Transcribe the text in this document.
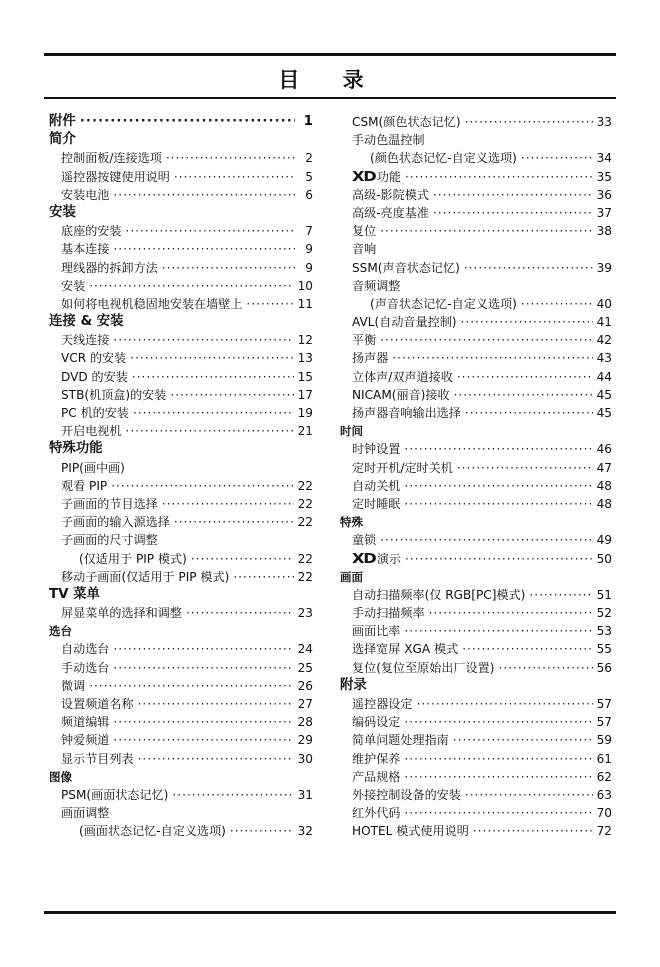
目 录
附件 ·····	1
简介
控制面板/连接选项 ·····	2
遥控器按键使用说明 ·····	5
安装电池 ·····	6
安装
底座的安装 ·····	7
基本连接 ·····	9
理线器的拆卸方法 ·····	9
安装 ·····	10
如何将电视机稳固地安装在墙壁上 ·····	11
连接 & 安装
天线连接 ·····	12
VCR 的安装 ·····	13
DVD 的安装 ·····	15
STB(机顶盒)的安装 ·····	17
PC 机的安装 ·····	19
开启电视机 ·····	21
特殊功能
PIP(画中画)
观看 PIP ·····	22
子画面的节目选择 ·····	22
子画面的输入源选择 ·····	22
子画面的尺寸调整
(仅适用于 PIP 模式) ·····	22
移动子画面(仅适用于 PIP 模式) ·····	22
TV 菜单
屏显菜单的选择和调整 ·····	23
选台
自动选台 ·····	24
手动选台 ·····	25
微调 ·····	26
设置频道名称 ·····	27
频道编辑 ·····	28
钟爱频道 ·····	29
显示节目列表 ·····	30
图像
PSM(画面状态记忆) ·····	31
画面调整
(画面状态记忆-自定义选项) ·····	32
CSM(颜色状态记忆) ·····	33
手动色温控制
(颜色状态记忆-自定义选项) ·····	34
XD功能 ·····	35
高级-影院模式 ·····	36
高级-亮度基准 ·····	37
复位 ·····	38
音响
SSM(声音状态记忆) ·····	39
音频调整
(声音状态记忆-自定义选项) ·····	40
AVL(自动音量控制) ·····	41
平衡 ·····	42
扬声器 ·····	43
立体声/双声道接收 ·····	44
NICAM(丽音)接收 ·····	45
扬声器音响输出选择 ·····	45
时间
时钟设置 ·····	46
定时开机/定时关机 ·····	47
自动关机 ·····	48
定时睡眠 ·····	48
特殊
童锁 ·····	49
XD演示 ·····	50
画面
自动扫描频率(仅 RGB[PC]模式) ·····	51
手动扫描频率 ·····	52
画面比率 ·····	53
选择宽屏 XGA 模式 ·····	55
复位(复位至原始出厂设置) ·····	56
附录
遥控器设定 ·····	57
编码设定 ·····	57
简单问题处理指南 ·····	59
维护保养 ·····	61
产品规格 ·····	62
外接控制设备的安装 ·····	63
红外代码 ·····	70
HOTEL 模式使用说明 ·····	72
